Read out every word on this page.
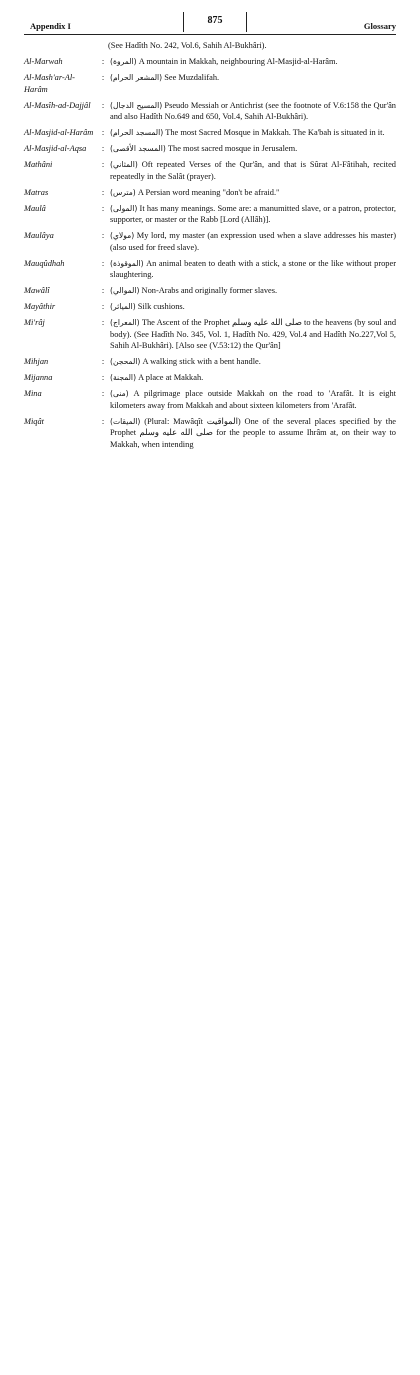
Appendix I	875	Glossary
(See Hadîth No. 242, Vol.6, Sahih Al-Bukhâri).
Al-Marwah	: (المروة) A mountain in Makkah, neighbouring Al-Masjid-al-Harâm.
Al-Mash'ar-Al-Harâm
: (المشعر الحرام) See Muzdalifah.
Al-Masîh-ad-Dajjâl	: (المسيح الدجال) Pseudo Messiah or Antichrist (see the footnote of V.6:158 the Qur'ân and also Hadîth No.649 and 650, Vol.4, Sahih Al-Bukhâri).
Al-Masjid-al-Harâm	: (المسجد الحرام) The most Sacred Mosque in Makkah. The Ka'bah is situated in it.
Al-Masjid-al-Aqsa	: (المسجد الأقصى) The most sacred mosque in Jerusalem.
Mathâni	: (المثاني) Oft repeated Verses of the Qur'ân, and that is Sûrat Al-Fâtihah, recited repeatedly in the Salât (prayer).
Matras	: (مترس) A Persian word meaning "don't be afraid."
Maulâ	: (المولى) It has many meanings. Some are: a manumitted slave, or a patron, protector, supporter, or master or the Rabb [Lord (Allâh)].
Maulâya	: (مولاي) My lord, my master (an expression used when a slave addresses his master) (also used for freed slave).
Mauqûdhah	: (الموقوذة) An animal beaten to death with a stick, a stone or the like without proper slaughtering.
Mawâlî	: (الموالي) Non-Arabs and originally former slaves.
Mayâthir	: (المياثر) Silk cushions.
Mi'râj	: (المعراج) The Ascent of the Prophet صلى الله عليه وسلم to the heavens (by soul and body). (See Hadîth No. 345, Vol. 1, Hadîth No. 429, Vol.4 and Hadîth No.227,Vol 5, Sahih Al-Bukhâri). [Also see (V.53:12) the Qur'ân]
Mihjan	: (المحجن) A walking stick with a bent handle.
Mijanna	: (المجنة) A place at Makkah.
Mina	: (منى) A pilgrimage place outside Makkah on the road to 'Arafât. It is eight kilometers away from Makkah and about sixteen kilometers from 'Arafât.
Miqât	: (الميقات) (Plural: Mawâqît المواقيت) One of the several places specified by the Prophet صلى الله عليه وسلم for the people to assume Ihrâm at, on their way to Makkah, when intending
